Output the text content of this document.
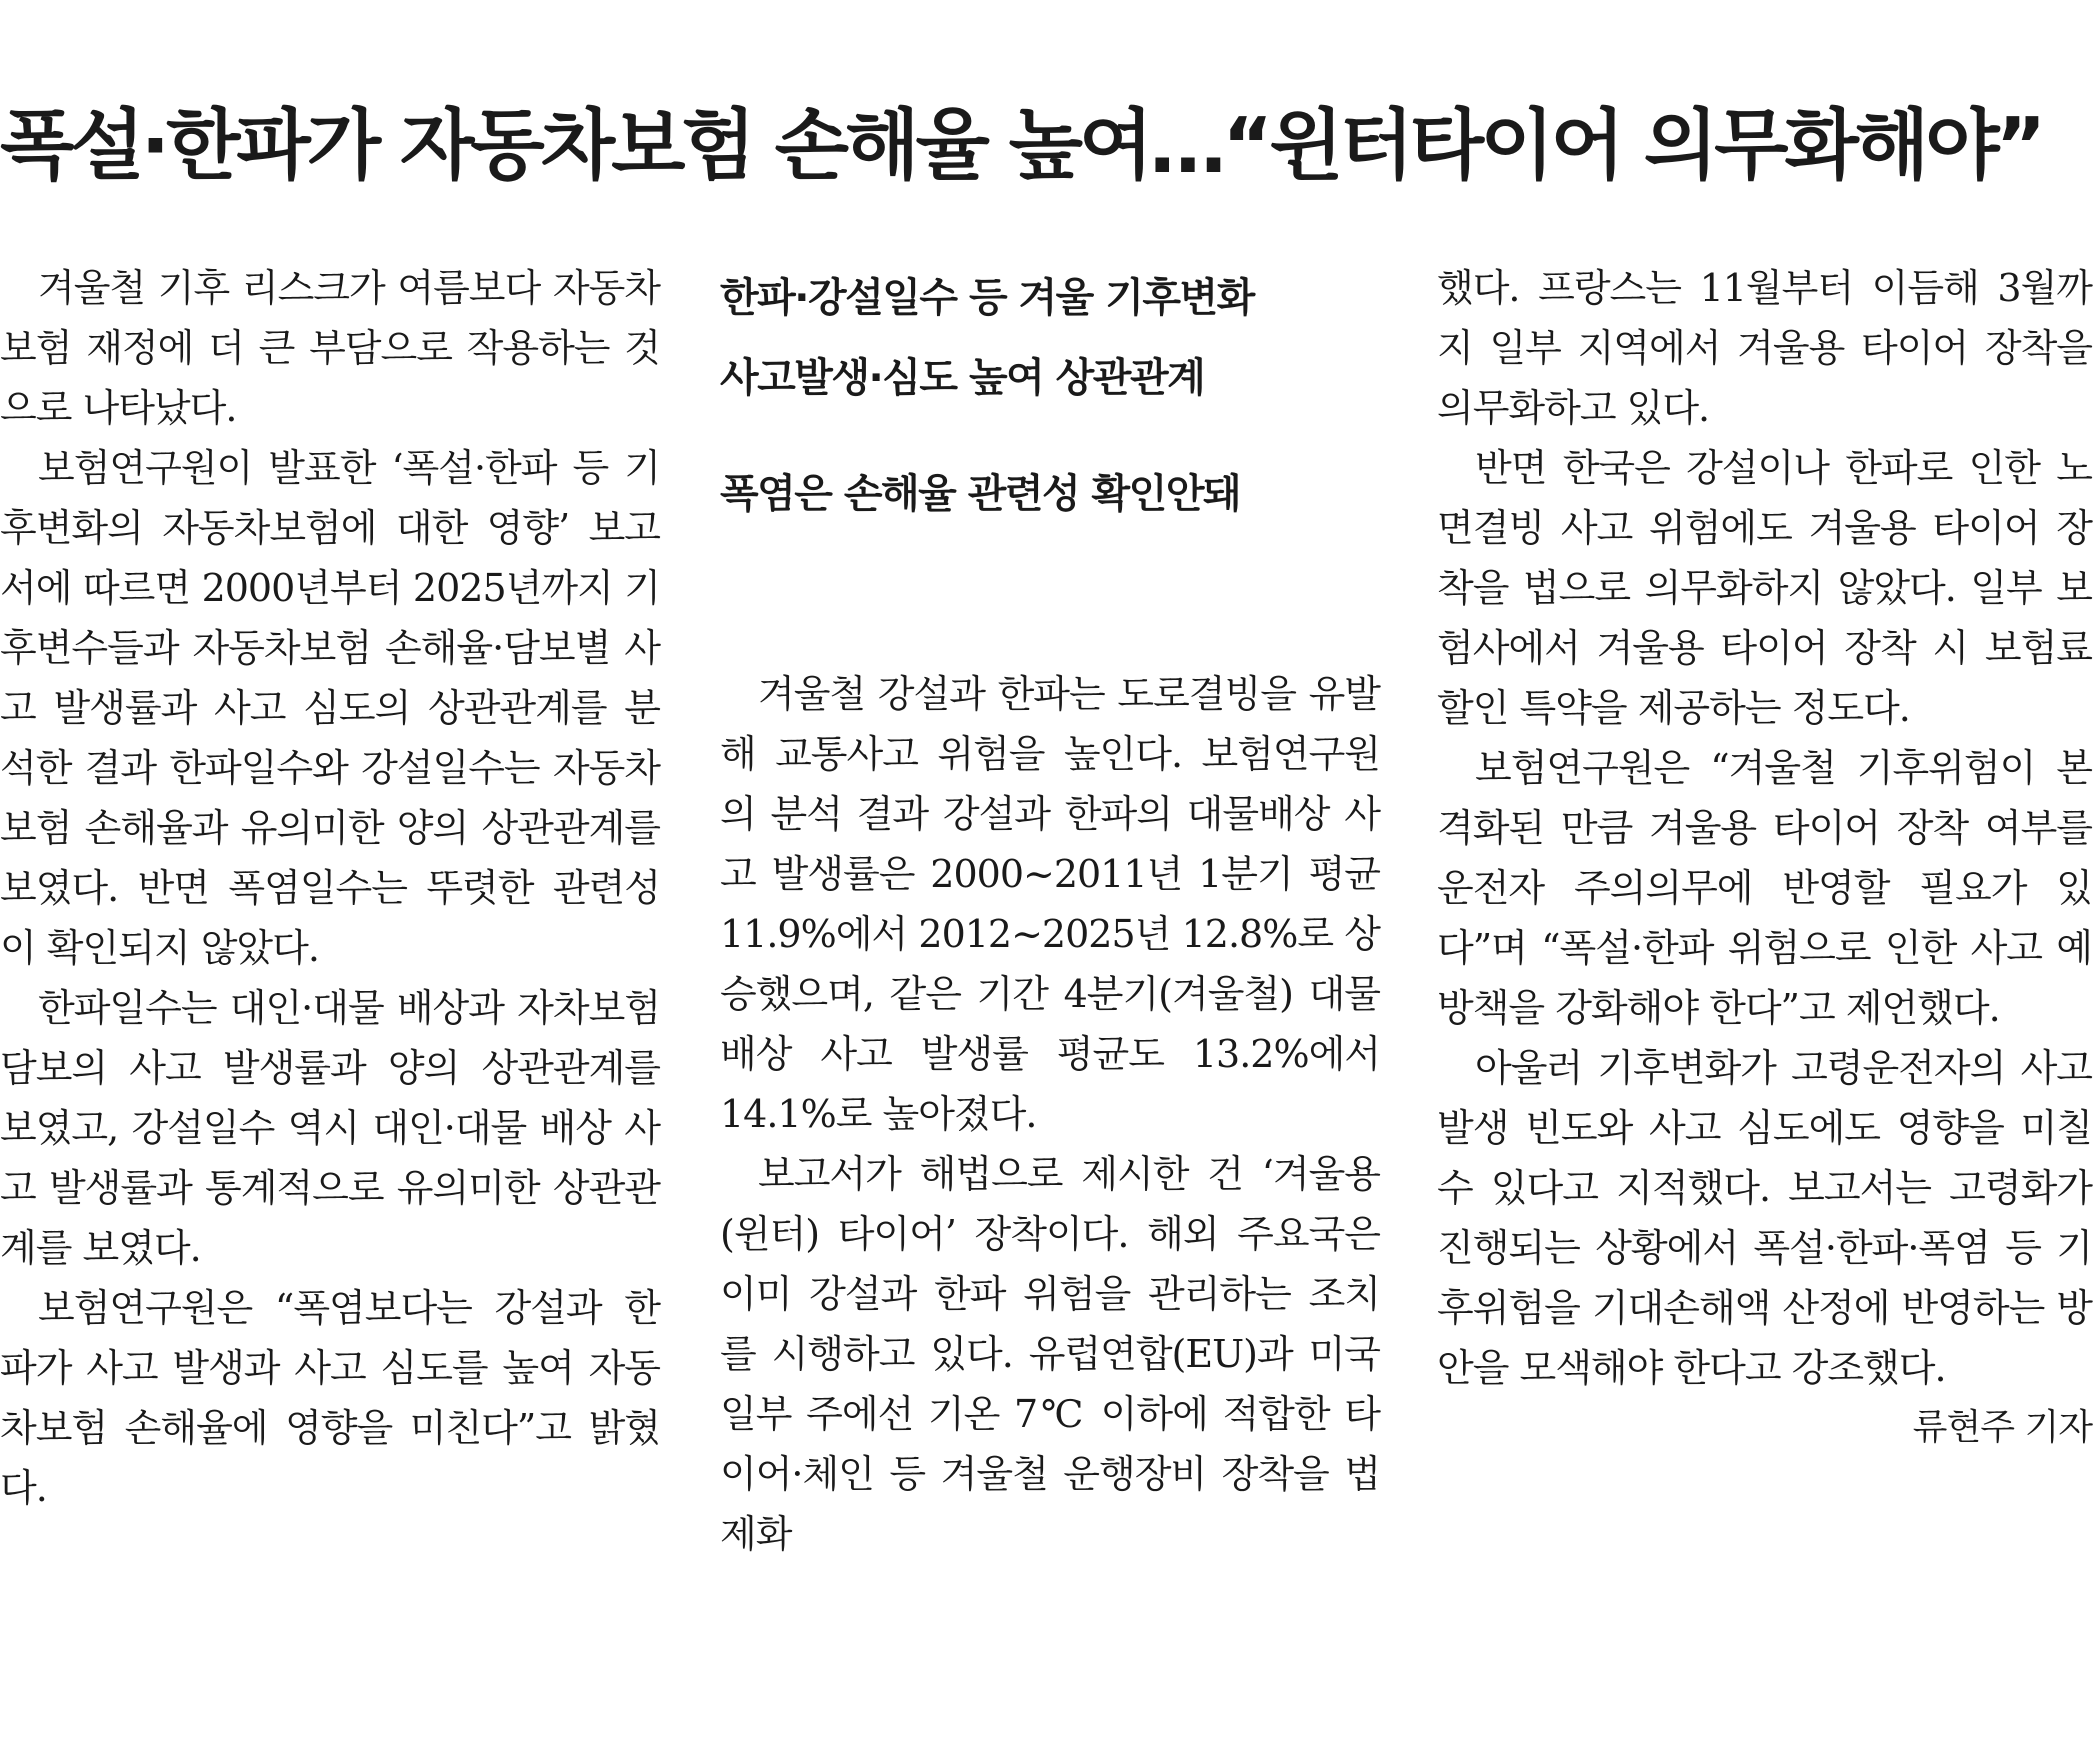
폭설·한파가 자동차보험 손해율 높여…“윈터타이어 의무화해야”

겨울철 기후 리스크가 여름보다 자동차보험 재정에 더 큰 부담으로 작용하는 것으로 나타났다.

보험연구원이 발표한 ‘폭설·한파 등 기후변화의 자동차보험에 대한 영향’ 보고서에 따르면 2000년부터 2025년까지 기후변수들과 자동차보험 손해율·담보별 사고 발생률과 사고 심도의 상관관계를 분석한 결과 한파일수와 강설일수는 자동차보험 손해율과 유의미한 양의 상관관계를 보였다. 반면 폭염일수는 뚜렷한 관련성이 확인되지 않았다.

한파일수는 대인·대물 배상과 자차보험 담보의 사고 발생률과 양의 상관관계를 보였고, 강설일수 역시 대인·대물 배상 사고 발생률과 통계적으로 유의미한 상관관계를 보였다.

보험연구원은 “폭염보다는 강설과 한파가 사고 발생과 사고 심도를 높여 자동차보험 손해율에 영향을 미친다”고 밝혔다.

한파·강설일수 등 겨울 기후변화
사고발생·심도 높여 상관관계
폭염은 손해율 관련성 확인안돼

겨울철 강설과 한파는 도로결빙을 유발해 교통사고 위험을 높인다. 보험연구원의 분석 결과 강설과 한파의 대물배상 사고 발생률은 2000~2011년 1분기 평균 11.9%에서 2012~2025년 12.8%로 상승했으며, 같은 기간 4분기(겨울철) 대물배상 사고 발생률 평균도 13.2%에서 14.1%로 높아졌다.

보고서가 해법으로 제시한 건 ‘겨울용(윈터) 타이어’ 장착이다. 해외 주요국은 이미 강설과 한파 위험을 관리하는 조치를 시행하고 있다. 유럽연합(EU)과 미국 일부 주에선 기온 7℃ 이하에 적합한 타이어·체인 등 겨울철 운행장비 장착을 법제화

했다. 프랑스는 11월부터 이듬해 3월까지 일부 지역에서 겨울용 타이어 장착을 의무화하고 있다.

반면 한국은 강설이나 한파로 인한 노면결빙 사고 위험에도 겨울용 타이어 장착을 법으로 의무화하지 않았다. 일부 보험사에서 겨울용 타이어 장착 시 보험료 할인 특약을 제공하는 정도다.

보험연구원은 “겨울철 기후위험이 본격화된 만큼 겨울용 타이어 장착 여부를 운전자 주의의무에 반영할 필요가 있다”며 “폭설·한파 위험으로 인한 사고 예방책을 강화해야 한다”고 제언했다.

아울러 기후변화가 고령운전자의 사고 발생 빈도와 사고 심도에도 영향을 미칠 수 있다고 지적했다. 보고서는 고령화가 진행되는 상황에서 폭설·한파·폭염 등 기후위험을 기대손해액 산정에 반영하는 방안을 모색해야 한다고 강조했다.

류현주 기자
